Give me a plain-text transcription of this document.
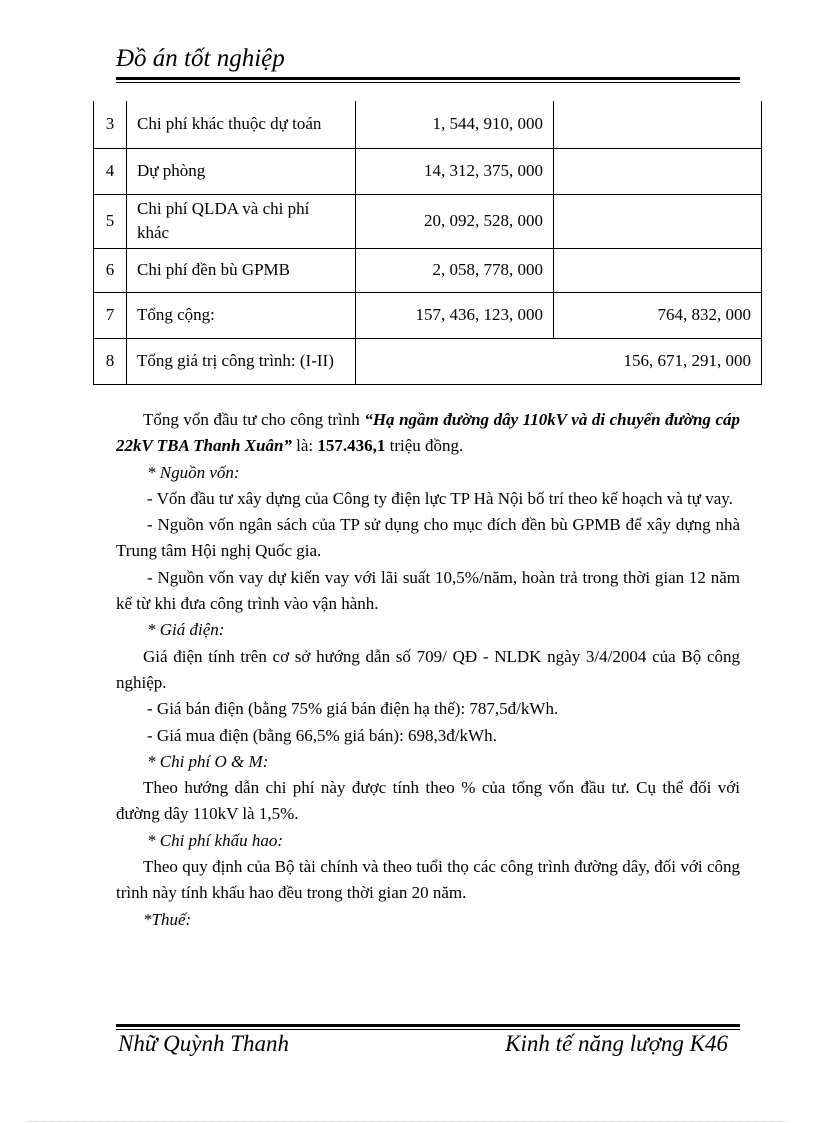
Đồ án tốt nghiệp
3	Chi phí khác thuộc dự toán	1, 544, 910, 000	
4	Dự phòng	14, 312, 375, 000	
5	Chi phí QLDA và chi phí khác	20, 092, 528, 000	
6	Chi phí đền bù GPMB	2, 058, 778, 000	
7	Tổng cộng:	157, 436, 123, 000	764, 832, 000
8	Tổng giá trị công trình: (I-II)	156, 671, 291, 000	

Tổng vốn đầu tư cho công trình “Hạ ngầm đường dây 110kV và di chuyển đường cáp 22kV TBA Thanh Xuân” là: 157.436,1 triệu đồng.

* Nguồn vốn:

- Vốn đầu tư xây dựng của Công ty điện lực TP Hà Nội bố trí theo kế hoạch và tự vay.

- Nguồn vốn ngân sách của TP sử dụng cho mục đích đền bù GPMB để xây dựng nhà Trung tâm Hội nghị Quốc gia.

- Nguồn vốn vay dự kiến vay với lãi suất 10,5%/năm, hoàn trả trong thời gian 12 năm kể từ khi đưa công trình vào vận hành.

* Giá điện:

Giá điện tính trên cơ sở hướng dẫn số 709/ QĐ - NLDK ngày 3/4/2004 của Bộ công nghiệp.

- Giá bán điện (bằng 75% giá bán điện hạ thế): 787,5đ/kWh.

- Giá mua điện (bằng 66,5% giá bán): 698,3đ/kWh.

* Chi phí O & M:

Theo hướng dẫn chi phí này được tính theo % của tổng vốn đầu tư. Cụ thể đối với đường dây 110kV là 1,5%.

* Chi phí khấu hao:

Theo quy định của Bộ tài chính và theo tuổi thọ các công trình đường dây, đối với công trình này tính khấu hao đều trong thời gian 20 năm.

*Thuế:

Nhữ Quỳnh Thanh	Kinh tế năng lượng K46
